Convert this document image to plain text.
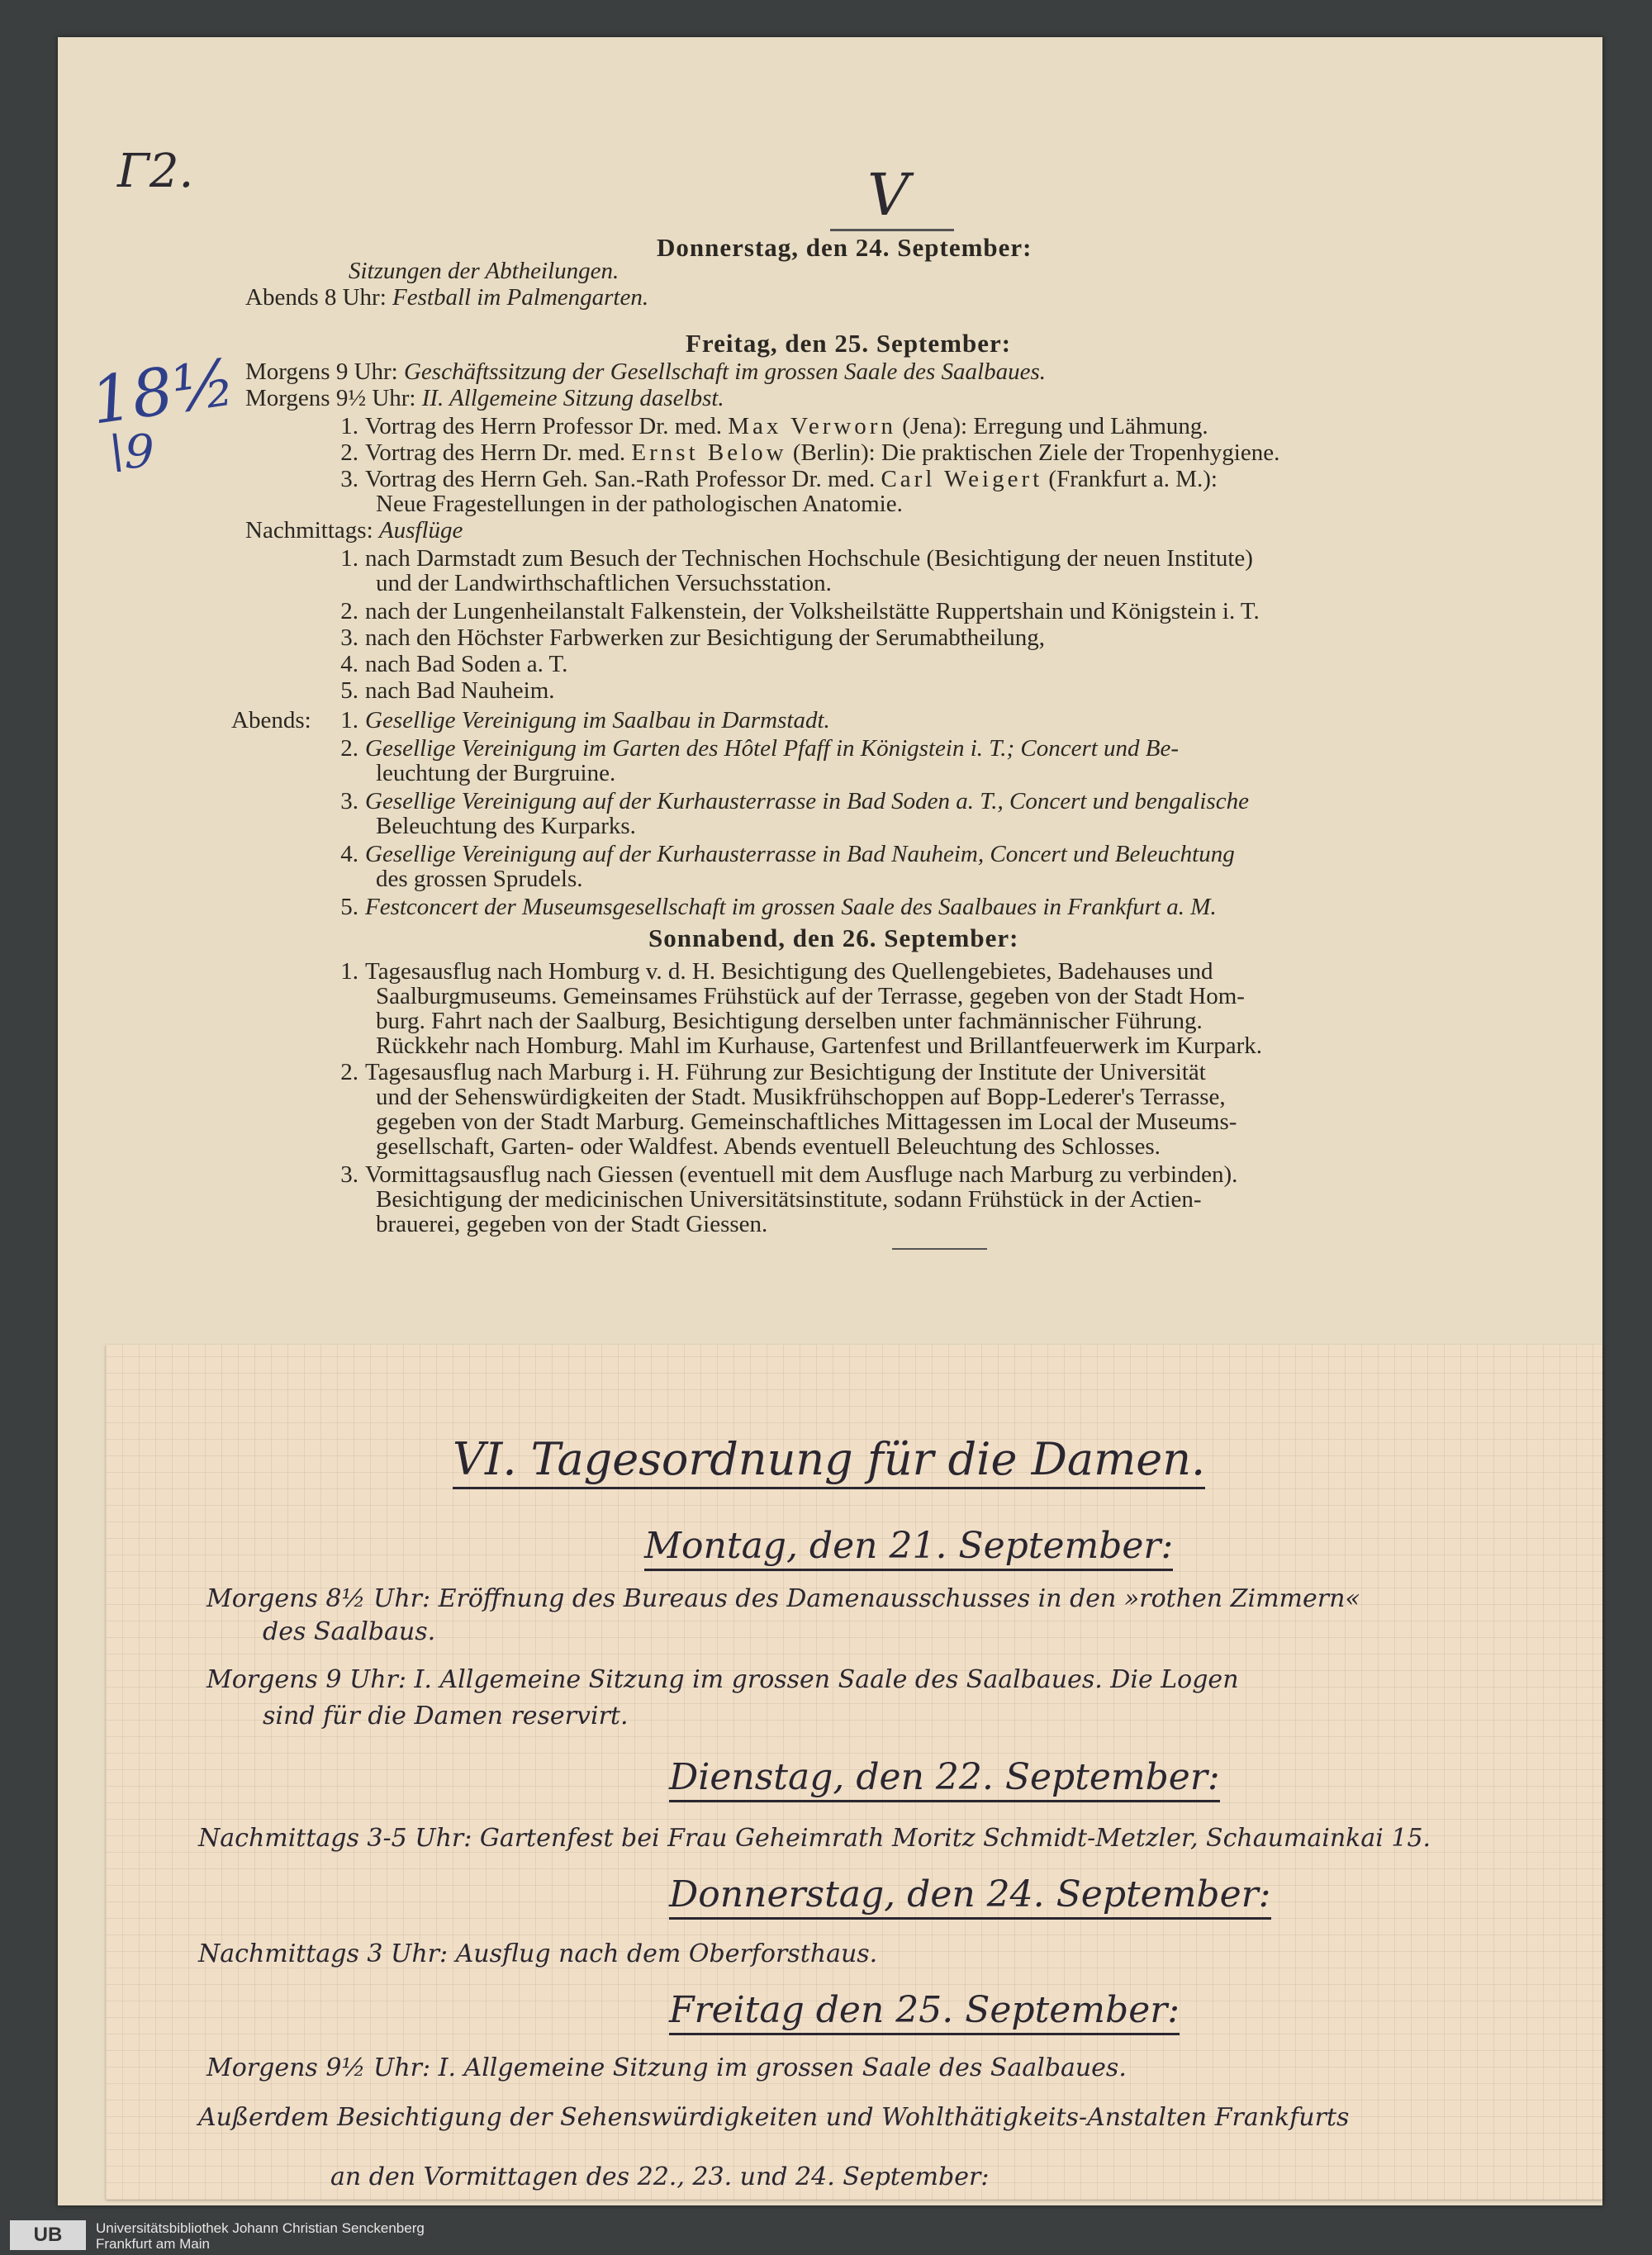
Γ2.	V
18½
\9
Donnerstag, den 24. September:
Sitzungen der Abtheilungen.
Abends 8 Uhr: Festball im Palmengarten.
Freitag, den 25. September:
Morgens 9 Uhr: Geschäftssitzung der Gesellschaft im grossen Saale des Saalbaues.
Morgens 9½ Uhr: II. Allgemeine Sitzung daselbst.
1. Vortrag des Herrn Professor Dr. med. Max Verworn (Jena): Erregung und Lähmung.
2. Vortrag des Herrn Dr. med. Ernst Below (Berlin): Die praktischen Ziele der Tropenhygiene.
3. Vortrag des Herrn Geh. San.-Rath Professor Dr. med. Carl Weigert (Frankfurt a. M.):
Neue Fragestellungen in der pathologischen Anatomie.
Nachmittags: Ausflüge
1. nach Darmstadt zum Besuch der Technischen Hochschule (Besichtigung der neuen Institute)
und der Landwirthschaftlichen Versuchsstation.
2. nach der Lungenheilanstalt Falkenstein, der Volksheilstätte Ruppertshain und Königstein i. T.
3. nach den Höchster Farbwerken zur Besichtigung der Serumabtheilung,
4. nach Bad Soden a. T.
5. nach Bad Nauheim.
Abends:	1. Gesellige Vereinigung im Saalbau in Darmstadt.
2. Gesellige Vereinigung im Garten des Hôtel Pfaff in Königstein i. T.; Concert und Be-
leuchtung der Burgruine.
3. Gesellige Vereinigung auf der Kurhausterrasse in Bad Soden a. T., Concert und bengalische
Beleuchtung des Kurparks.
4. Gesellige Vereinigung auf der Kurhausterrasse in Bad Nauheim, Concert und Beleuchtung
des grossen Sprudels.
5. Festconcert der Museumsgesellschaft im grossen Saale des Saalbaues in Frankfurt a. M.
Sonnabend, den 26. September:
1. Tagesausflug nach Homburg v. d. H. Besichtigung des Quellengebietes, Badehauses und
Saalburgmuseums. Gemeinsames Frühstück auf der Terrasse, gegeben von der Stadt Hom-
burg. Fahrt nach der Saalburg, Besichtigung derselben unter fachmännischer Führung.
Rückkehr nach Homburg. Mahl im Kurhause, Gartenfest und Brillantfeuerwerk im Kurpark.
2. Tagesausflug nach Marburg i. H. Führung zur Besichtigung der Institute der Universität
und der Sehenswürdigkeiten der Stadt. Musikfrühschoppen auf Bopp-Lederer's Terrasse,
gegeben von der Stadt Marburg. Gemeinschaftliches Mittagessen im Local der Museums-
gesellschaft, Garten- oder Waldfest. Abends eventuell Beleuchtung des Schlosses.
3. Vormittagsausflug nach Giessen (eventuell mit dem Ausfluge nach Marburg zu verbinden).
Besichtigung der medicinischen Universitätsinstitute, sodann Frühstück in der Actien-
brauerei, gegeben von der Stadt Giessen.
VI. Tagesordnung für die Damen.
Montag, den 21. September:
Morgens 8½ Uhr: Eröffnung des Bureaus des Damenausschusses in den »rothen Zimmern«
des Saalbaus.
Morgens 9 Uhr: I. Allgemeine Sitzung im grossen Saale des Saalbaues. Die Logen
sind für die Damen reservirt.
Dienstag, den 22. September:
Nachmittags 3-5 Uhr: Gartenfest bei Frau Geheimrath Moritz Schmidt-Metzler, Schaumainkai 15.
Donnerstag, den 24. September:
Nachmittags 3 Uhr: Ausflug nach dem Oberforsthaus.
Freitag den 25. September:
Morgens 9½ Uhr: I. Allgemeine Sitzung im grossen Saale des Saalbaues.
Außerdem Besichtigung der Sehenswürdigkeiten und Wohlthätigkeits-Anstalten Frankfurts
an den Vormittagen des 22., 23. und 24. September:
UB	Universitätsbibliothek Johann Christian Senckenberg
Frankfurt am Main
